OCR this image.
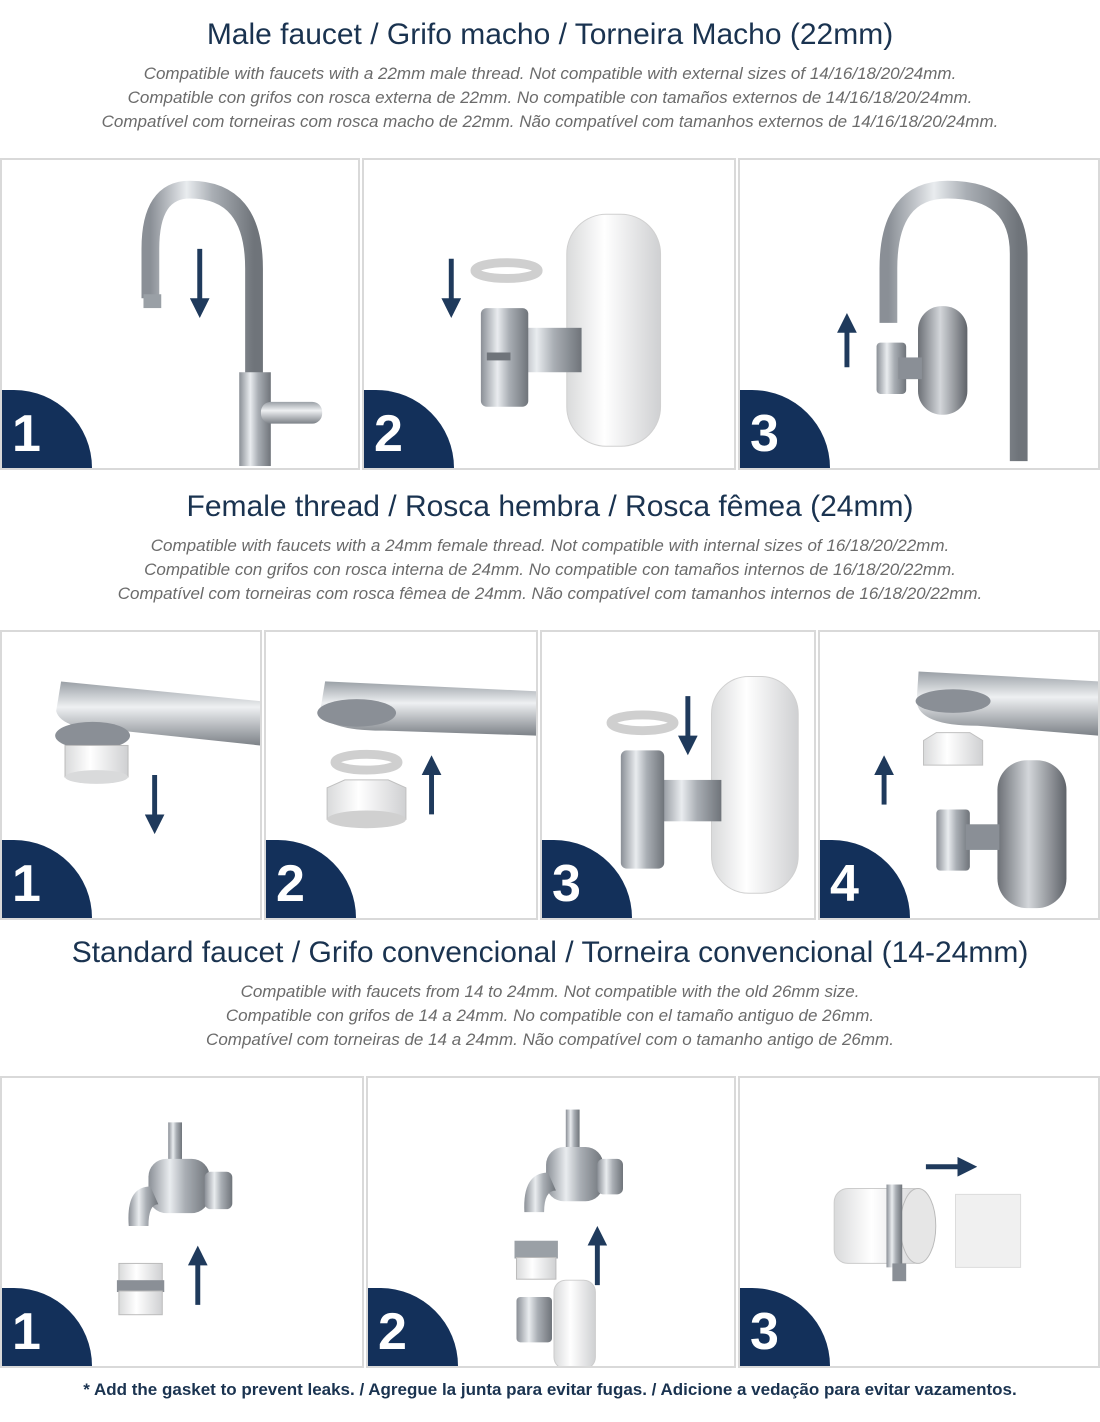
Male faucet / Grifo macho / Torneira Macho (22mm)
Compatible with faucets with a 22mm male thread. Not compatible with external sizes of 14/16/18/20/24mm.
Compatible con grifos con rosca externa de 22mm. No compatible con tamaños externos de 14/16/18/20/24mm.
Compatível com torneiras com rosca macho de 22mm. Não compatível com tamanhos externos de 14/16/18/20/24mm.
1	2	3
Female thread / Rosca hembra / Rosca fêmea (24mm)
Compatible with faucets with a 24mm female thread. Not compatible with internal sizes of 16/18/20/22mm.
Compatible con grifos con rosca interna de 24mm. No compatible con tamaños internos de 16/18/20/22mm.
Compatível com torneiras com rosca fêmea de 24mm. Não compatível com tamanhos internos de 16/18/20/22mm.
1	2	3	4
Standard faucet / Grifo convencional / Torneira convencional (14-24mm)
Compatible with faucets from 14 to 24mm. Not compatible with the old 26mm size.
Compatible con grifos de 14 a 24mm. No compatible con el tamaño antiguo de 26mm.
Compatível com torneiras de 14 a 24mm. Não compatível com o tamanho antigo de 26mm.
1	2	3
* Add the gasket to prevent leaks. / Agregue la junta para evitar fugas. / Adicione a vedação para evitar vazamentos.
